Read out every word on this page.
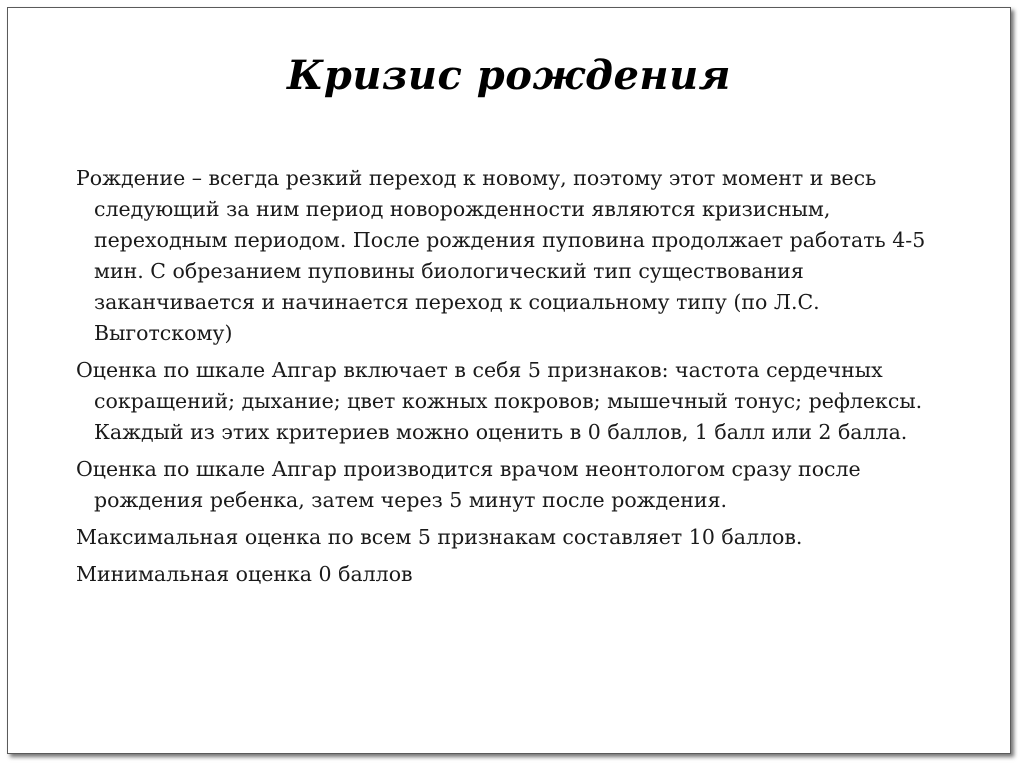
Кризис рождения

Рождение – всегда резкий переход к новому, поэтому этот момент и весь следующий за ним период новорожденности являются кризисным, переходным периодом. После рождения пуповина продолжает работать 4-5 мин. С обрезанием пуповины биологический тип существования заканчивается и начинается переход к социальному типу (по Л.С. Выготскому)

Оценка по шкале Апгар включает в себя 5 признаков: частота сердечных сокращений; дыхание; цвет кожных покровов; мышечный тонус; рефлексы. Каждый из этих критериев можно оценить в 0 баллов, 1 балл или 2 балла.

Оценка по шкале Апгар производится врачом неонтологом сразу после рождения ребенка, затем через 5 минут после рождения.

Максимальная оценка по всем 5 признакам составляет 10 баллов.

Минимальная оценка 0 баллов
